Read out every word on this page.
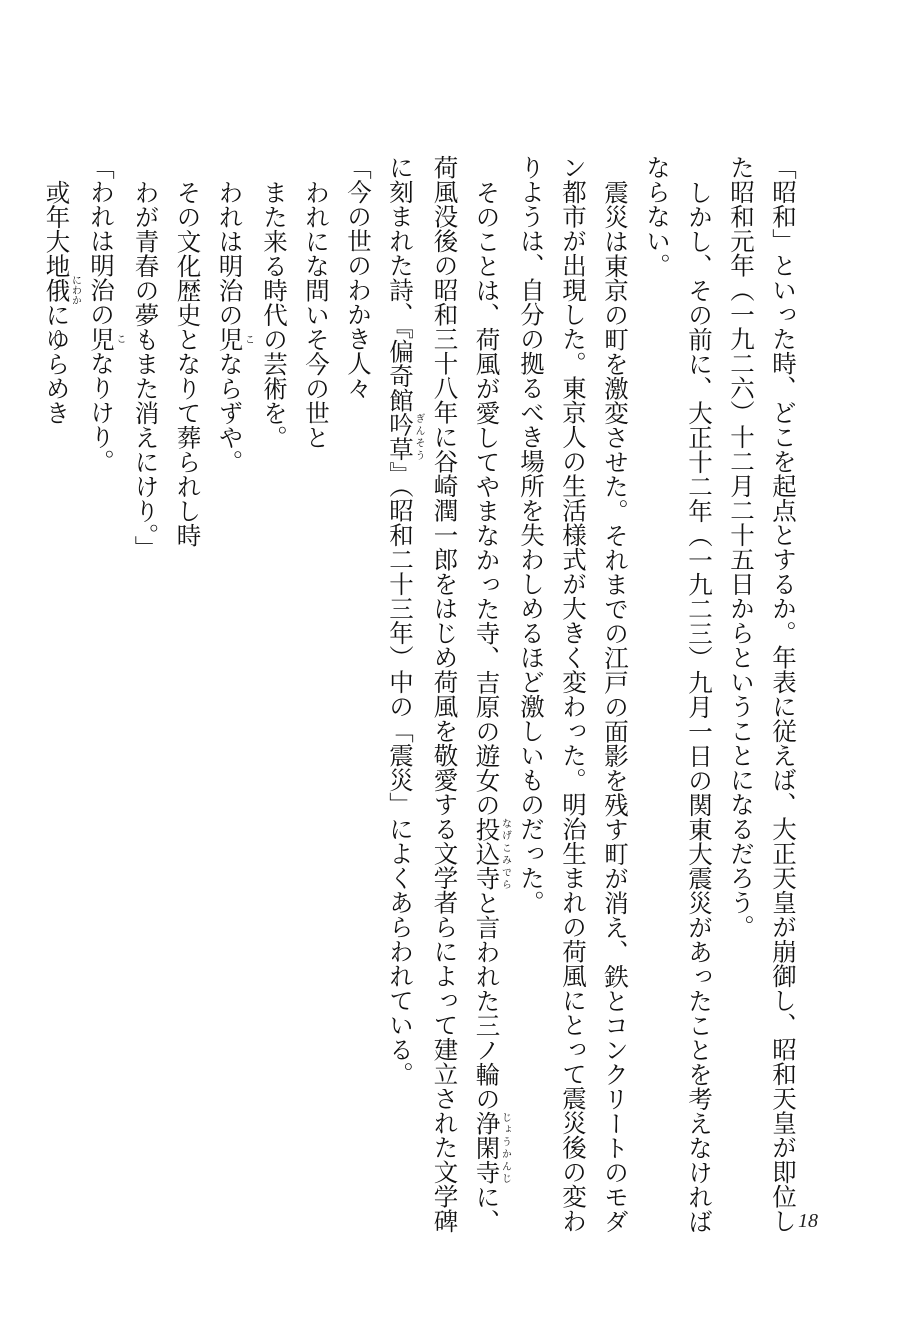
「昭和」といった時、どこを起点とするか。年表に従えば、大正天皇が崩御し、昭和天皇が即位し
た昭和元年（一九二六）十二月二十五日からということになるだろう。
しかし、その前に、大正十二年（一九二三）九月一日の関東大震災があったことを考えなければ
ならない。
震災は東京の町を激変させた。それまでの江戸の面影を残す町が消え、鉄とコンクリートのモダ
ン都市が出現した。東京人の生活様式が大きく変わった。明治生まれの荷風にとって震災後の変わ
りようは、自分の拠るべき場所を失わしめるほど激しいものだった。
そのことは、荷風が愛してやまなかった寺、吉原の遊女の投込寺なげこみでらと言われた三ノ輪の浄閑寺じょうかんじに、
荷風没後の昭和三十八年に谷崎潤一郎をはじめ荷風を敬愛する文学者らによって建立された文学碑
に刻まれた詩、『偏奇館吟草ぎんそう』（昭和二十三年）中の「震災」によくあらわれている。
「今の世のわかき人々
われにな問いそ今の世と
また来る時代の芸術を。
われは明治の児こならずや。
その文化歴史となりて葬られし時
わが青春の夢もまた消えにけり。」
「われは明治の児こなりけり。
或年大地俄にわかにゆらめき
18
